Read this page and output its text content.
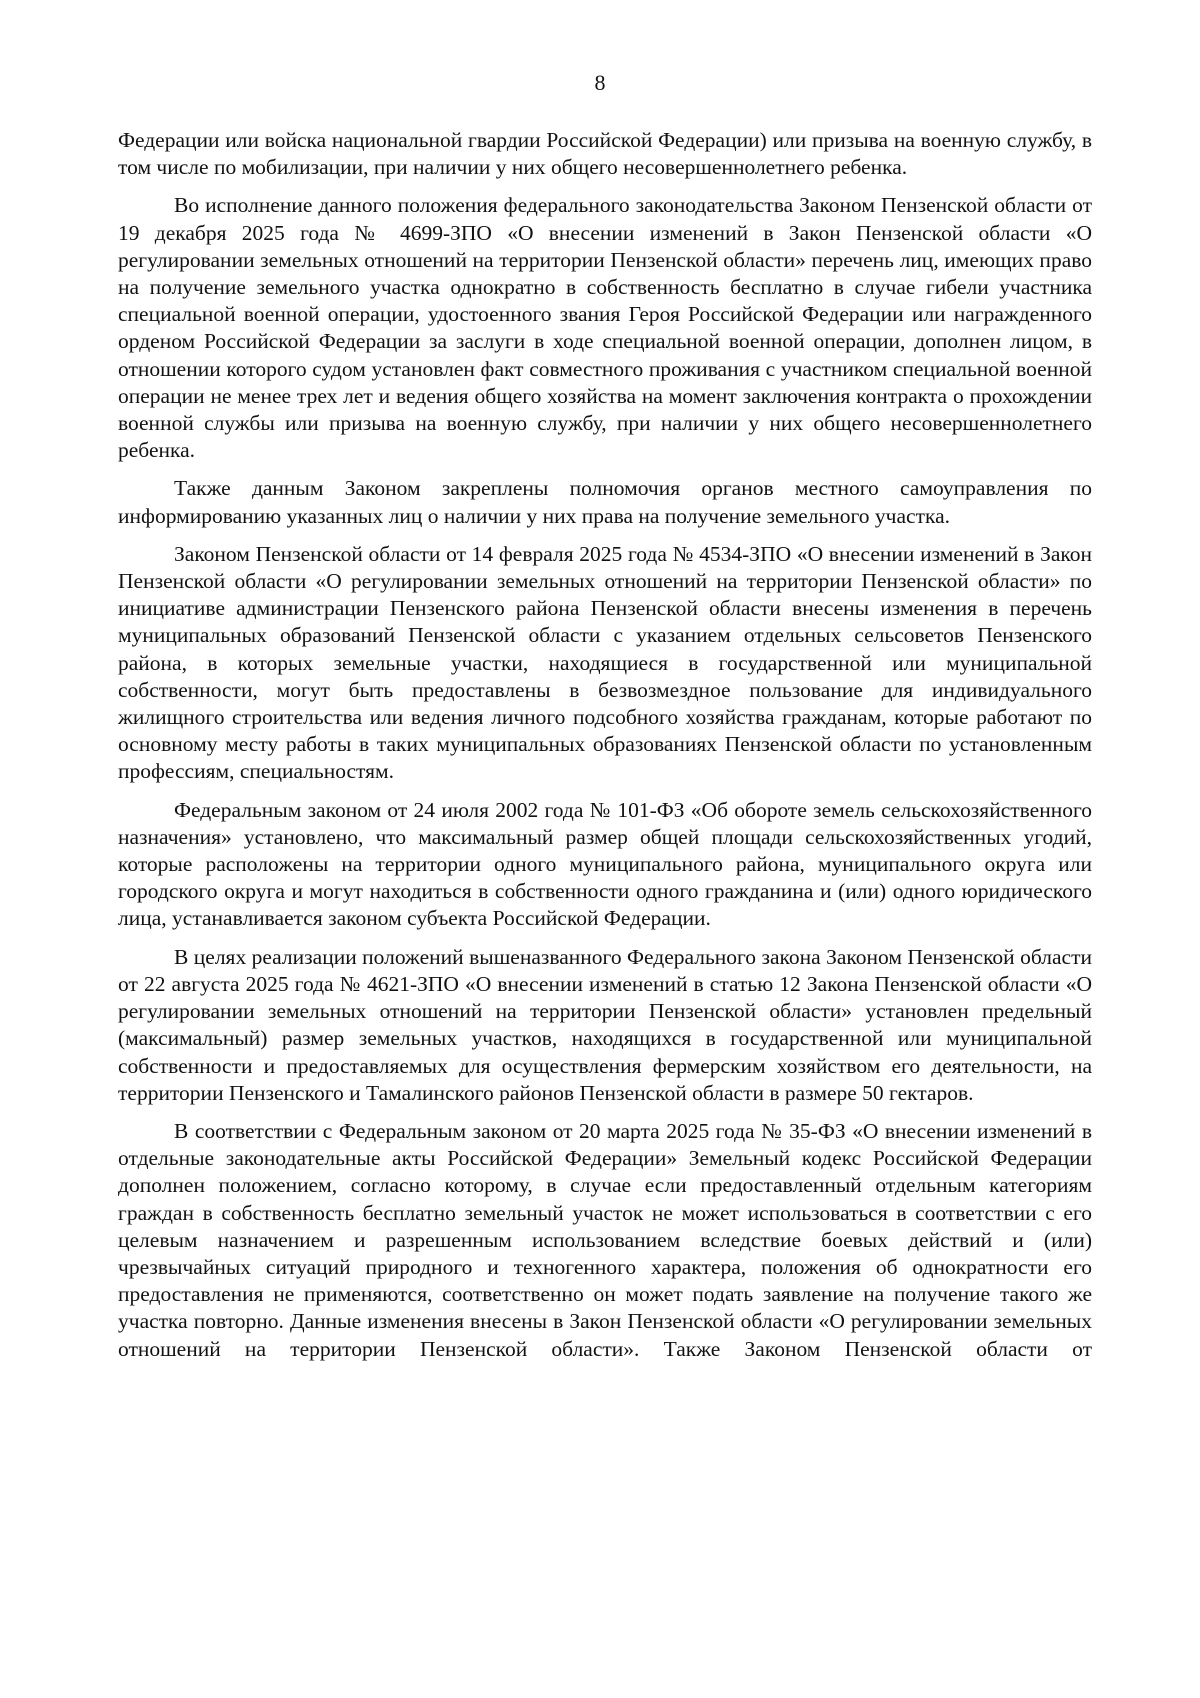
8

Федерации или войска национальной гвардии Российской Федерации) или призыва на военную службу, в том числе по мобилизации, при наличии у них общего несовершеннолетнего ребенка.

Во исполнение данного положения федерального законодательства Законом Пензенской области от 19 декабря 2025 года № 4699-ЗПО «О внесении изменений в Закон Пензенской области «О регулировании земельных отношений на территории Пензенской области» перечень лиц, имеющих право на получение земельного участка однократно в собственность бесплатно в случае гибели участника специальной военной операции, удостоенного звания Героя Российской Федерации или награжденного орденом Российской Федерации за заслуги в ходе специальной военной операции, дополнен лицом, в отношении которого судом установлен факт совместного проживания с участником специальной военной операции не менее трех лет и ведения общего хозяйства на момент заключения контракта о прохождении военной службы или призыва на военную службу, при наличии у них общего несовершеннолетнего ребенка.

Также данным Законом закреплены полномочия органов местного самоуправления по информированию указанных лиц о наличии у них права на получение земельного участка.

Законом Пензенской области от 14 февраля 2025 года № 4534-ЗПО «О внесении изменений в Закон Пензенской области «О регулировании земельных отношений на территории Пензенской области» по инициативе администрации Пензенского района Пензенской области внесены изменения в перечень муниципальных образований Пензенской области с указанием отдельных сельсоветов Пензенского района, в которых земельные участки, находящиеся в государственной или муниципальной собственности, могут быть предоставлены в безвозмездное пользование для индивидуального жилищного строительства или ведения личного подсобного хозяйства гражданам, которые работают по основному месту работы в таких муниципальных образованиях Пензенской области по установленным профессиям, специальностям.

Федеральным законом от 24 июля 2002 года № 101-ФЗ «Об обороте земель сельскохозяйственного назначения» установлено, что максимальный размер общей площади сельскохозяйственных угодий, которые расположены на территории одного муниципального района, муниципального округа или городского округа и могут находиться в собственности одного гражданина и (или) одного юридического лица, устанавливается законом субъекта Российской Федерации.

В целях реализации положений вышеназванного Федерального закона Законом Пензенской области от 22 августа 2025 года № 4621-ЗПО «О внесении изменений в статью 12 Закона Пензенской области «О регулировании земельных отношений на территории Пензенской области» установлен предельный (максимальный) размер земельных участков, находящихся в государственной или муниципальной собственности и предоставляемых для осуществления фермерским хозяйством его деятельности, на территории Пензенского и Тамалинского районов Пензенской области в размере 50 гектаров.

В соответствии с Федеральным законом от 20 марта 2025 года № 35-ФЗ «О внесении изменений в отдельные законодательные акты Российской Федерации» Земельный кодекс Российской Федерации дополнен положением, согласно которому, в случае если предоставленный отдельным категориям граждан в собственность бесплатно земельный участок не может использоваться в соответствии с его целевым назначением и разрешенным использованием вследствие боевых действий и (или) чрезвычайных ситуаций природного и техногенного характера, положения об однократности его предоставления не применяются, соответственно он может подать заявление на получение такого же участка повторно. Данные изменения внесены в Закон Пензенской области «О регулировании земельных отношений на территории Пензенской области». Также Законом Пензенской области от
